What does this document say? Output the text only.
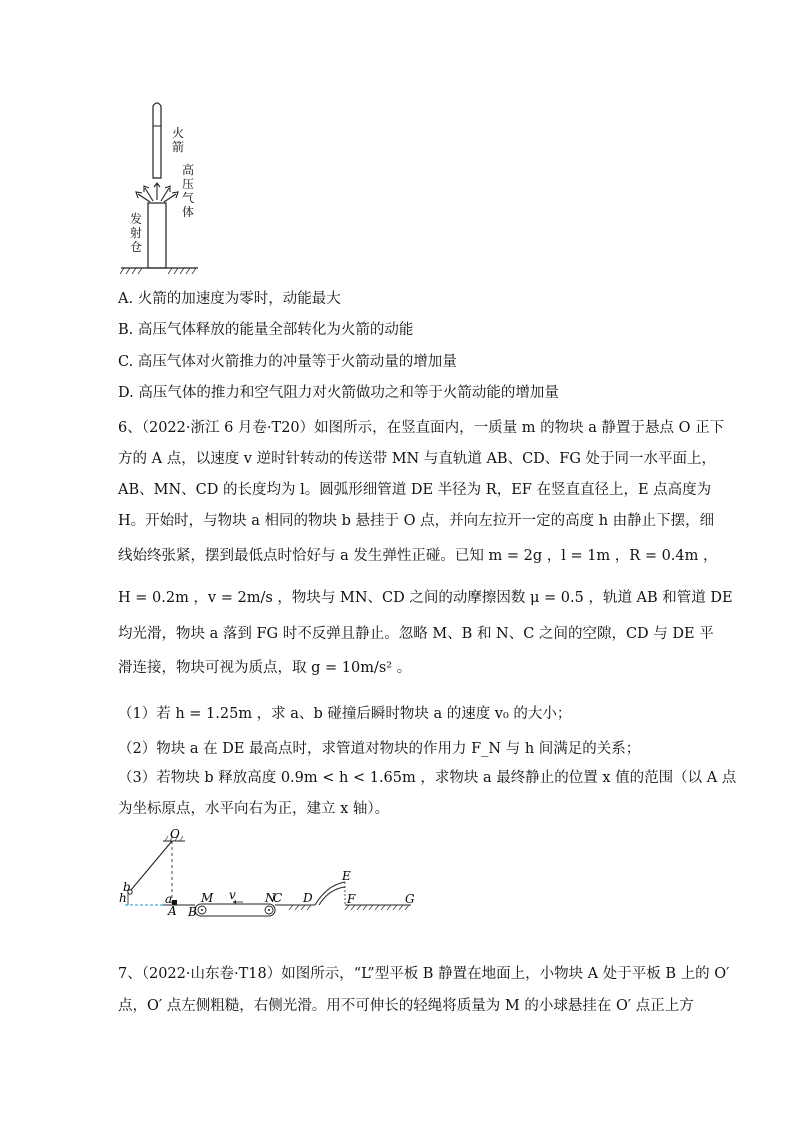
火箭
高压气体
发射仓
A. 火箭的加速度为零时，动能最大
B. 高压气体释放的能量全部转化为火箭的动能
C. 高压气体对火箭推力的冲量等于火箭动量的增加量
D. 高压气体的推力和空气阻力对火箭做功之和等于火箭动能的增加量
6、（2022·浙江 6 月卷·T20）如图所示，在竖直面内，一质量 m 的物块 a 静置于悬点 O 正下
方的 A 点，以速度 v 逆时针转动的传送带 MN 与直轨道 AB、CD、FG 处于同一水平面上，
AB、MN、CD 的长度均为 l。圆弧形细管道 DE 半径为 R，EF 在竖直直径上，E 点高度为
H。开始时，与物块 a 相同的物块 b 悬挂于 O 点，并向左拉开一定的高度 h 由静止下摆，细
线始终张紧，摆到最低点时恰好与 a 发生弹性正碰。已知 m = 2g ，l = 1m ，R = 0.4m ，
H = 0.2m ，v = 2m/s ，物块与 MN、CD 之间的动摩擦因数 μ = 0.5 ，轨道 AB 和管道 DE
均光滑，物块 a 落到 FG 时不反弹且静止。忽略 M、B 和 N、C 之间的空隙，CD 与 DE 平
滑连接，物块可视为质点，取 g = 10m/s² 。
（1）若 h = 1.25m ，求 a、b 碰撞后瞬时物块 a 的速度 v₀ 的大小；
（2）物块 a 在 DE 最高点时，求管道对物块的作用力 F_N 与 h 间满足的关系；
（3）若物块 b 释放高度 0.9m < h < 1.65m ，求物块 a 最终静止的位置 x 值的范围（以 A 点
为坐标原点，水平向右为正，建立 x 轴）。
O
b
h	a
A
M v
B
N
C D
E
F	G
7、（2022·山东卷·T18）如图所示，“L”型平板 B 静置在地面上，小物块 A 处于平板 B 上的 O′
点，O′ 点左侧粗糙，右侧光滑。用不可伸长的轻绳将质量为 M 的小球悬挂在 O′ 点正上方
